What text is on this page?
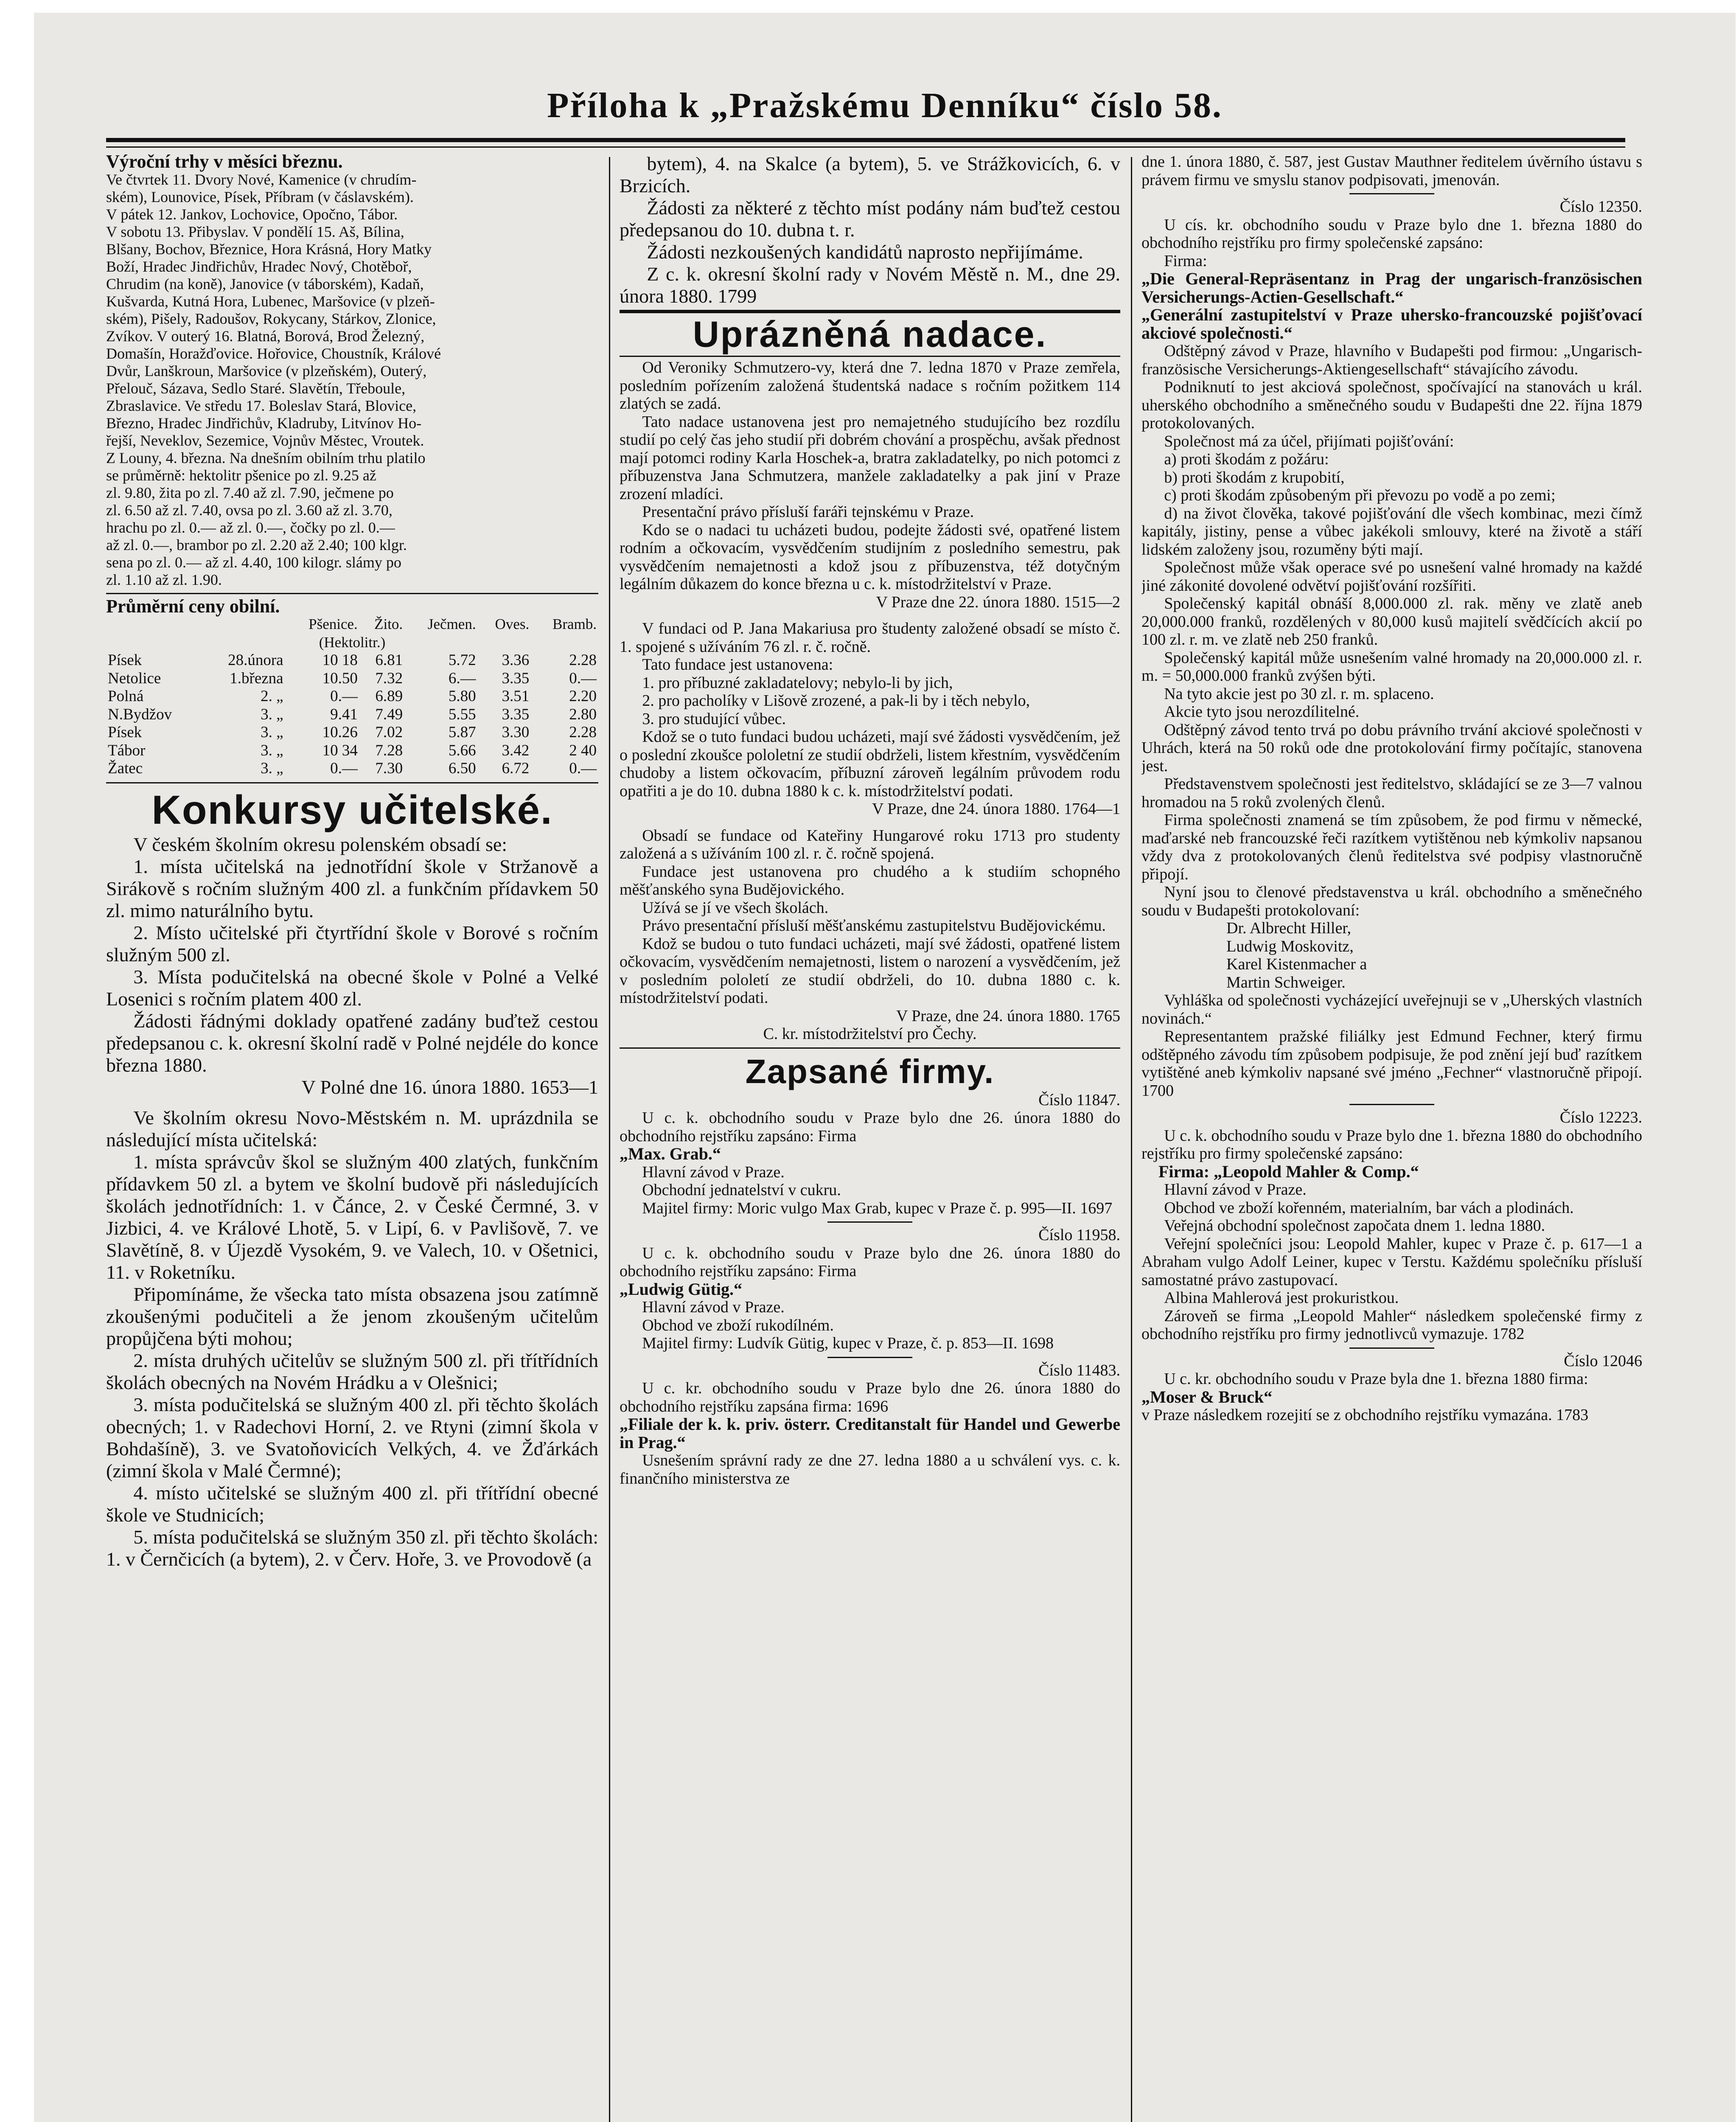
Příloha k „Pražskému Denníku“ číslo 58.

Výroční trhy v měsíci březnu.

Ve čtvrtek 11. Dvory Nové, Kamenice (v chrudím-

ském), Lounovice, Písek, Příbram (v čáslavském).

V pátek 12. Jankov, Lochovice, Opočno, Tábor.

V sobotu 13. Přibyslav. V pondělí 15. Aš, Bílina,

Blšany, Bochov, Březnice, Hora Krásná, Hory Matky

Boží, Hradec Jindřichův, Hradec Nový, Chotěboř,

Chrudim (na koně), Janovice (v táborském), Kadaň,

Kušvarda, Kutná Hora, Lubenec, Maršovice (v plzeň-

ském), Pišely, Radoušov, Rokycany, Stárkov, Zlonice,

Zvíkov. V outerý 16. Blatná, Borová, Brod Železný,

Domašín, Horažďovice. Hořovice, Choustník, Králové

Dvůr, Lanškroun, Maršovice (v plzeňském), Outerý,

Přelouč, Sázava, Sedlo Staré. Slavětín, Třeboule,

Zbraslavice. Ve středu 17. Boleslav Stará, Blovice,

Březno, Hradec Jindřichův, Kladruby, Litvínov Ho-

řejší, Neveklov, Sezemice, Vojnův Městec, Vroutek.

Z Louny, 4. března. Na dnešním obilním trhu platilo

se průměrně: hektolitr pšenice po zl. 9.25 až

zl. 9.80, žita po zl. 7.40 až zl. 7.90, ječmene po

zl. 6.50 až zl. 7.40, ovsa po zl. 3.60 až zl. 3.70,

hrachu po zl. 0.— až zl. 0.—, čočky po zl. 0.—

až zl. 0.—, brambor po zl. 2.20 až 2.40; 100 klgr.

sena po zl. 0.— až zl. 4.40, 100 kilogr. slámy po

zl. 1.10 až zl. 1.90.

Průměrní ceny obilní.

		Pšenice.	Žito.	Ječmen.	Oves.	Bramb.
(Hektolitr.)						
Písek	28.února	10 18	6.81	5.72	3.36	2.28
Netolice	1.března	10.50	7.32	6.—	3.35	0.—
Polná	2. „	0.—	6.89	5.80	3.51	2.20
N.Bydžov	3. „	9.41	7.49	5.55	3.35	2.80
Písek	3. „	10.26	7.02	5.87	3.30	2.28
Tábor	3. „	10 34	7.28	5.66	3.42	2 40
Žatec	3. „	0.—	7.30	6.50	6.72	0.—
Konkursy učitelské.

V českém školním okresu polenském obsadí se:

1. místa učitelská na jednotřídní škole v Stržanově a Sirákově s ročním služným 400 zl. a funkčním přídavkem 50 zl. mimo naturálního bytu.

2. Místo učitelské při čtyrtřídní škole v Borové s ročním služným 500 zl.

3. Místa podučitelská na obecné škole v Polné a Velké Losenici s ročním platem 400 zl.

Žádosti řádnými doklady opatřené zadány buďtež cestou předepsanou c. k. okresní školní radě v Polné nejdéle do konce března 1880.

V Polné dne 16. února 1880. 1653—1

Ve školním okresu Novo-Městském n. M. uprázdnila se následující místa učitelská:

1. místa správcův škol se služným 400 zlatých, funkčním přídavkem 50 zl. a bytem ve školní budově při následujících školách jednotřídních: 1. v Čánce, 2. v České Čermné, 3. v Jizbici, 4. ve Králové Lhotě, 5. v Lipí, 6. v Pavlišově, 7. ve Slavětíně, 8. v Újezdě Vysokém, 9. ve Valech, 10. v Ošetnici, 11. v Roketníku.

Připomínáme, že všecka tato místa obsazena jsou zatímně zkoušenými podučiteli a že jenom zkoušeným učitelům propůjčena býti mohou;

2. místa druhých učitelův se služným 500 zl. při třítřídních školách obecných na Novém Hrádku a v Olešnici;

3. místa podučitelská se služným 400 zl. při těchto školách obecných; 1. v Radechovi Horní, 2. ve Rtyni (zimní škola v Bohdašíně), 3. ve Svatoňovicích Velkých, 4. ve Žďárkách (zimní škola v Malé Čermné);

4. místo učitelské se služným 400 zl. při třítřídní obecné škole ve Studnicích;

5. místa podučitelská se služným 350 zl. při těchto školách: 1. v Černčicích (a bytem), 2. v Červ. Hoře, 3. ve Provodově (a

bytem), 4. na Skalce (a bytem), 5. ve Strážkovicích, 6. v Brzicích.

Žádosti za některé z těchto míst podány nám buďtež cestou předepsanou do 10. dubna t. r.

Žádosti nezkoušených kandidátů naprosto nepřijímáme.

Z c. k. okresní školní rady v Novém Městě n. M., dne 29. února 1880. 1799

Uprázněná nadace.

Od Veroniky Schmutzero-vy, která dne 7. ledna 1870 v Praze zemřela, posledním pořízením založená študentská nadace s ročním požitkem 114 zlatých se zadá.

Tato nadace ustanovena jest pro nemajetného studujícího bez rozdílu studií po celý čas jeho studií při dobrém chování a prospěchu, avšak přednost mají potomci rodiny Karla Hoschek-a, bratra zakladatelky, po nich potomci z příbuzenstva Jana Schmutzera, manžele zakladatelky a pak jiní v Praze zrození mladíci.

Presentační právo přísluší faráři tejnskému v Praze.

Kdo se o nadaci tu ucházeti budou, podejte žádosti své, opatřené listem rodním a očkovacím, vysvědčením studijním z posledního semestru, pak vysvědčením nemajetnosti a kdož jsou z příbuzenstva, též dotyčným legálním důkazem do konce března u c. k. místodržitelství v Praze.

V Praze dne 22. února 1880. 1515—2

V fundaci od P. Jana Makariusa pro študenty založené obsadí se místo č. 1. spojené s užíváním 76 zl. r. č. ročně.

Tato fundace jest ustanovena:

1. pro příbuzné zakladatelovy; nebylo-li by jich,

2. pro pacholíky v Lišově zrozené, a pak-li by i těch nebylo,

3. pro studující vůbec.

Kdož se o tuto fundaci budou ucházeti, mají své žádosti vysvědčením, jež o poslední zkoušce pololetní ze studií obdrželi, listem křestním, vysvědčením chudoby a listem očkovacím, příbuzní zároveň legálním průvodem rodu opatřiti a je do 10. dubna 1880 k c. k. místodržitelství podati.

V Praze, dne 24. února 1880. 1764—1

Obsadí se fundace od Kateřiny Hungarové roku 1713 pro studenty založená a s užíváním 100 zl. r. č. ročně spojená.

Fundace jest ustanovena pro chudého a k studiím schopného měšťanského syna Budějovického.

Užívá se jí ve všech školách.

Právo presentační přísluší měšťanskému zastupitelstvu Budějovickému.

Kdož se budou o tuto fundaci ucházeti, mají své žádosti, opatřené listem očkovacím, vysvědčením nemajetnosti, listem o narození a vysvědčením, jež v posledním pololetí ze studií obdrželi, do 10. dubna 1880 c. k. místodržitelství podati.

V Praze, dne 24. února 1880. 1765

C. kr. místodržitelství pro Čechy.

Zapsané firmy.

Číslo 11847.

U c. k. obchodního soudu v Praze bylo dne 26. února 1880 do obchodního rejstříku zapsáno: Firma

„Max. Grab.“

Hlavní závod v Praze.

Obchodní jednatelství v cukru.

Majitel firmy: Moric vulgo Max Grab, kupec v Praze č. p. 995—II. 1697

Číslo 11958.

U c. k. obchodního soudu v Praze bylo dne 26. února 1880 do obchodního rejstříku zapsáno: Firma

„Ludwig Gütig.“

Hlavní závod v Praze.

Obchod ve zboží rukodílném.

Majitel firmy: Ludvík Gütig, kupec v Praze, č. p. 853—II. 1698

Číslo 11483.

U c. kr. obchodního soudu v Praze bylo dne 26. února 1880 do obchodního rejstříku zapsána firma: 1696

„Filiale der k. k. priv. österr. Creditanstalt für Handel und Gewerbe in Prag.“

Usnešením správní rady ze dne 27. ledna 1880 a u schválení vys. c. k. finančního ministerstva ze

dne 1. února 1880, č. 587, jest Gustav Mauthner ředitelem úvěrního ústavu s právem firmu ve smyslu stanov podpisovati, jmenován.

Číslo 12350.

U cís. kr. obchodního soudu v Praze bylo dne 1. března 1880 do obchodního rejstříku pro firmy společenské zapsáno:

Firma:

„Die General-Repräsentanz in Prag der ungarisch-französischen Versicherungs-Actien-Gesellschaft.“

„Generální zastupitelství v Praze uhersko-francouzské pojišťovací akciové společnosti.“

Odštěpný závod v Praze, hlavního v Budapešti pod firmou: „Ungarisch-französische Versicherungs-Aktiengesellschaft“ stávajícího závodu.

Podniknutí to jest akciová společnost, spočívající na stanovách u král. uherského obchodního a směnečného soudu v Budapešti dne 22. října 1879 protokolovaných.

Společnost má za účel, přijímati pojišťování:

a) proti škodám z požáru:

b) proti škodám z krupobití,

c) proti škodám způsobeným při převozu po vodě a po zemi;

d) na život člověka, takové pojišťování dle všech kombinac, mezi čímž kapitály, jistiny, pense a vůbec jakékoli smlouvy, které na životě a stáří lidském založeny jsou, rozuměny býti mají.

Společnost může však operace své po usnešení valné hromady na každé jiné zákonité dovolené odvětví pojišťování rozšířiti.

Společenský kapitál obnáší 8,000.000 zl. rak. měny ve zlatě aneb 20,000.000 franků, rozdělených v 80,000 kusů majitelí svědčících akcií po 100 zl. r. m. ve zlatě neb 250 franků.

Společenský kapitál může usnešením valné hromady na 20,000.000 zl. r. m. = 50,000.000 franků zvýšen býti.

Na tyto akcie jest po 30 zl. r. m. splaceno.

Akcie tyto jsou nerozdílitelné.

Odštěpný závod tento trvá po dobu právního trvání akciové společnosti v Uhrách, která na 50 roků ode dne protokolování firmy počítajíc, stanovena jest.

Představenstvem společnosti jest ředitelstvo, skládající se ze 3—7 valnou hromadou na 5 roků zvolených členů.

Firma společnosti znamená se tím způsobem, že pod firmu v německé, maďarské neb francouzské řeči razítkem vytištěnou neb kýmkoliv napsanou vždy dva z protokolovaných členů ředitelstva své podpisy vlastnoručně připojí.

Nyní jsou to členové představenstva u král. obchodního a směnečného soudu v Budapešti protokolovaní:

Dr. Albrecht Hiller,

Ludwig Moskovitz,

Karel Kistenmacher a

Martin Schweiger.

Vyhláška od společnosti vycházející uveřejnuji se v „Uherských vlastních novinách.“

Representantem pražské filiálky jest Edmund Fechner, který firmu odštěpného závodu tím způsobem podpisuje, že pod znění její buď razítkem vytištěné aneb kýmkoliv napsané své jméno „Fechner“ vlastnoručně připojí. 1700

Číslo 12223.

U c. k. obchodního soudu v Praze bylo dne 1. března 1880 do obchodního rejstříku pro firmy společenské zapsáno:

Firma: „Leopold Mahler & Comp.“

Hlavní závod v Praze.

Obchod ve zboží kořenném, materialním, bar vách a plodinách.

Veřejná obchodní společnost započata dnem 1. ledna 1880.

Veřejní společníci jsou: Leopold Mahler, kupec v Praze č. p. 617—1 a Abraham vulgo Adolf Leiner, kupec v Terstu. Každému společníku přísluší samostatné právo zastupovací.

Albina Mahlerová jest prokuristkou.

Zároveň se firma „Leopold Mahler“ následkem společenské firmy z obchodního rejstříku pro firmy jednotlivců vymazuje. 1782

Číslo 12046

U c. kr. obchodního soudu v Praze byla dne 1. března 1880 firma:

„Moser & Bruck“

v Praze následkem rozejití se z obchodního rejstříku vymazána. 1783
